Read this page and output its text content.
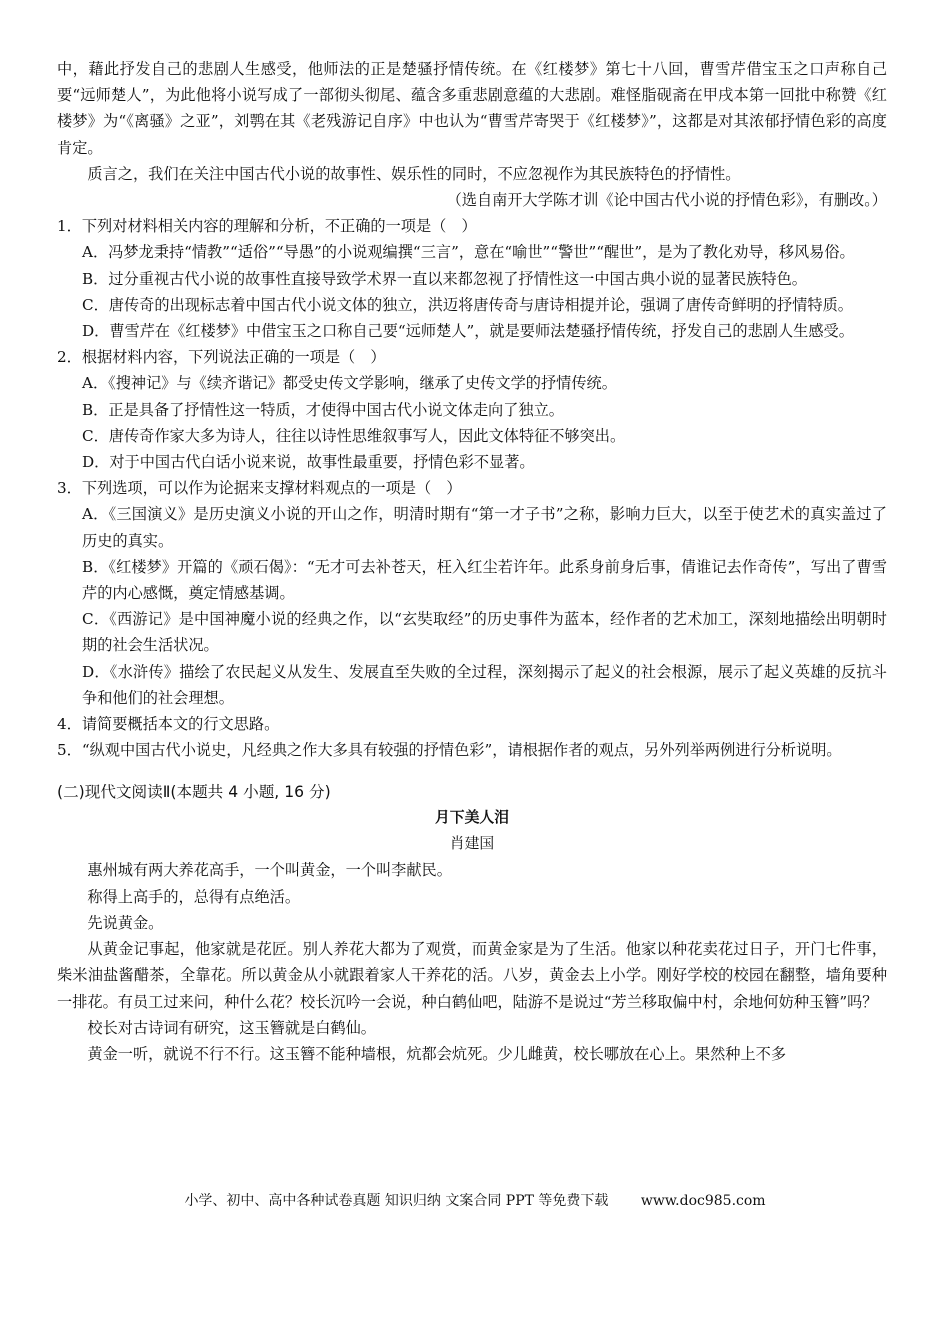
中，藉此抒发自己的悲剧人生感受，他师法的正是楚骚抒情传统。在《红楼梦》第七十八回，曹雪芹借宝玉之口声称自己要“远师楚人”，为此他将小说写成了一部彻头彻尾、蕴含多重悲剧意蕴的大悲剧。难怪脂砚斋在甲戌本第一回批中称赞《红楼梦》为“《离骚》之亚”，刘鹗在其《老残游记自序》中也认为“曹雪芹寄哭于《红楼梦》”，这都是对其浓郁抒情色彩的高度肯定。

质言之，我们在关注中国古代小说的故事性、娱乐性的同时，不应忽视作为其民族特色的抒情性。

（选自南开大学陈才训《论中国古代小说的抒情色彩》，有删改。）

1．下列对材料相关内容的理解和分析，不正确的一项是（　）

A．冯梦龙秉持“情教”“适俗”“导愚”的小说观编撰“三言”，意在“喻世”“警世”“醒世”，是为了教化劝导，移风易俗。

B．过分重视古代小说的故事性直接导致学术界一直以来都忽视了抒情性这一中国古典小说的显著民族特色。

C．唐传奇的出现标志着中国古代小说文体的独立，洪迈将唐传奇与唐诗相提并论，强调了唐传奇鲜明的抒情特质。

D．曹雪芹在《红楼梦》中借宝玉之口称自己要“远师楚人”，就是要师法楚骚抒情传统，抒发自己的悲剧人生感受。

2．根据材料内容，下列说法正确的一项是（　）

A．《搜神记》与《续齐谐记》都受史传文学影响，继承了史传文学的抒情传统。

B．正是具备了抒情性这一特质，才使得中国古代小说文体走向了独立。

C．唐传奇作家大多为诗人，往往以诗性思维叙事写人，因此文体特征不够突出。

D．对于中国古代白话小说来说，故事性最重要，抒情色彩不显著。

3．下列选项，可以作为论据来支撑材料观点的一项是（　）

A．《三国演义》是历史演义小说的开山之作，明清时期有“第一才子书”之称，影响力巨大，以至于使艺术的真实盖过了历史的真实。

B．《红楼梦》开篇的《顽石偈》：“无才可去补苍天，枉入红尘若许年。此系身前身后事，倩谁记去作奇传”，写出了曹雪芹的内心感慨，奠定情感基调。

C．《西游记》是中国神魔小说的经典之作，以“玄奘取经”的历史事件为蓝本，经作者的艺术加工，深刻地描绘出明朝时期的社会生活状况。

D．《水浒传》描绘了农民起义从发生、发展直至失败的全过程，深刻揭示了起义的社会根源，展示了起义英雄的反抗斗争和他们的社会理想。

4．请简要概括本文的行文思路。

5．“纵观中国古代小说史，凡经典之作大多具有较强的抒情色彩”，请根据作者的观点，另外列举两例进行分析说明。

(二)现代文阅读Ⅱ(本题共 4 小题, 16 分)

月下美人泪

肖建国

惠州城有两大养花高手，一个叫黄金，一个叫李献民。

称得上高手的，总得有点绝活。

先说黄金。

从黄金记事起，他家就是花匠。别人养花大都为了观赏，而黄金家是为了生活。他家以种花卖花过日子，开门七件事，柴米油盐酱醋茶，全靠花。所以黄金从小就跟着家人干养花的活。八岁，黄金去上小学。刚好学校的校园在翻整，墙角要种一排花。有员工过来问，种什么花？校长沉吟一会说，种白鹤仙吧，陆游不是说过“芳兰移取偏中村，余地何妨种玉簪”吗？

校长对古诗词有研究，这玉簪就是白鹤仙。

黄金一听，就说不行不行。这玉簪不能种墙根，炕都会炕死。少儿雌黄，校长哪放在心上。果然种上不多

小学、初中、高中各种试卷真题 知识归纳 文案合同 PPT 等免费下载 www.doc985.com
